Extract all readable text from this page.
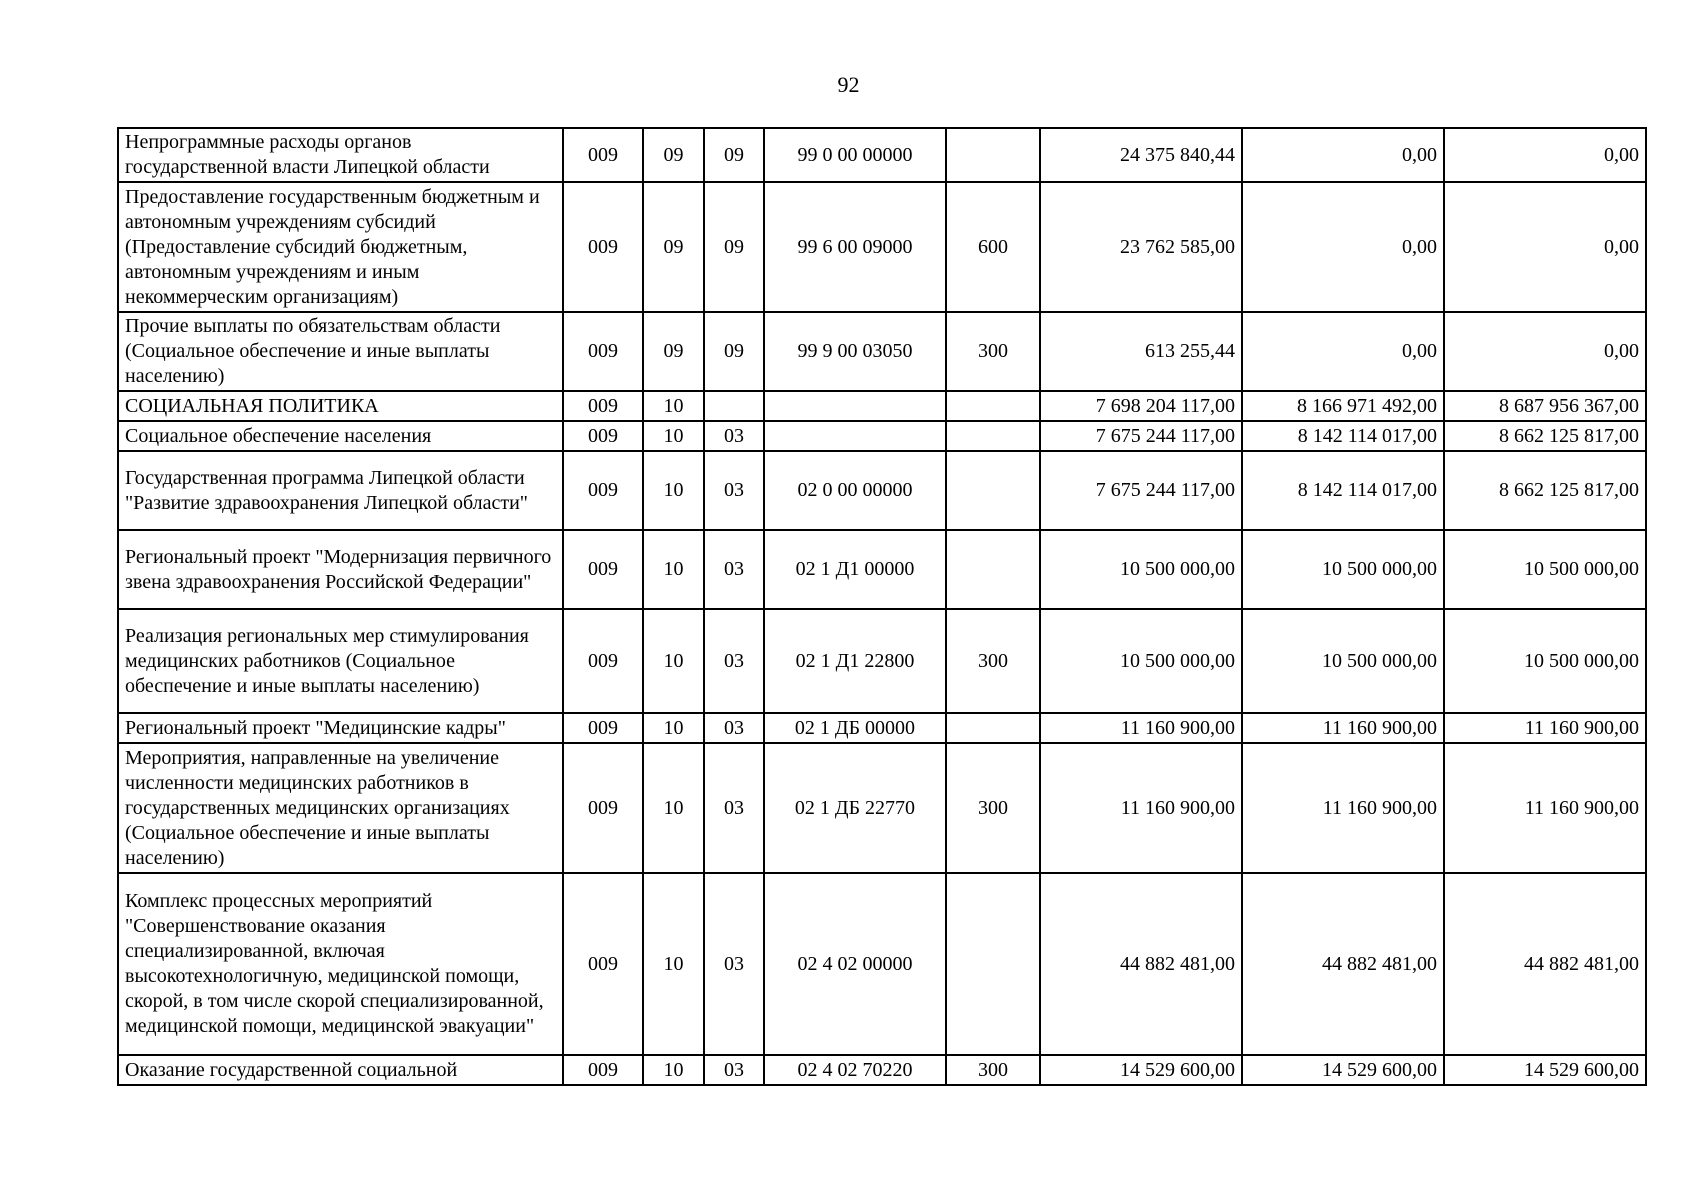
92
Непрограммные расходы органов государственной власти Липецкой области	009	09	09	99 0 00 00000		24 375 840,44	0,00	0,00
Предоставление государственным бюджетным и автономным учреждениям субсидий (Предоставление субсидий бюджетным, автономным учреждениям и иным некоммерческим организациям)	009	09	09	99 6 00 09000	600	23 762 585,00	0,00	0,00
Прочие выплаты по обязательствам области (Социальное обеспечение и иные выплаты населению)	009	09	09	99 9 00 03050	300	613 255,44	0,00	0,00
СОЦИАЛЬНАЯ ПОЛИТИКА	009	10				7 698 204 117,00	8 166 971 492,00	8 687 956 367,00
Социальное обеспечение населения	009	10	03			7 675 244 117,00	8 142 114 017,00	8 662 125 817,00
Государственная программа Липецкой области "Развитие здравоохранения Липецкой области"	009	10	03	02 0 00 00000		7 675 244 117,00	8 142 114 017,00	8 662 125 817,00
Региональный проект "Модернизация первичного звена здравоохранения Российской Федерации"	009	10	03	02 1 Д1 00000		10 500 000,00	10 500 000,00	10 500 000,00
Реализация региональных мер стимулирования медицинских работников (Социальное обеспечение и иные выплаты населению)	009	10	03	02 1 Д1 22800	300	10 500 000,00	10 500 000,00	10 500 000,00
Региональный проект "Медицинские кадры"	009	10	03	02 1 ДБ 00000		11 160 900,00	11 160 900,00	11 160 900,00
Мероприятия, направленные на увеличение численности медицинских работников в государственных медицинских организациях (Социальное обеспечение и иные выплаты населению)	009	10	03	02 1 ДБ 22770	300	11 160 900,00	11 160 900,00	11 160 900,00
Комплекс процессных мероприятий "Совершенствование оказания специализированной, включая высокотехнологичную, медицинской помощи, скорой, в том числе скорой специализированной, медицинской помощи, медицинской эвакуации"	009	10	03	02 4 02 00000		44 882 481,00	44 882 481,00	44 882 481,00
Оказание государственной социальной	009	10	03	02 4 02 70220	300	14 529 600,00	14 529 600,00	14 529 600,00
